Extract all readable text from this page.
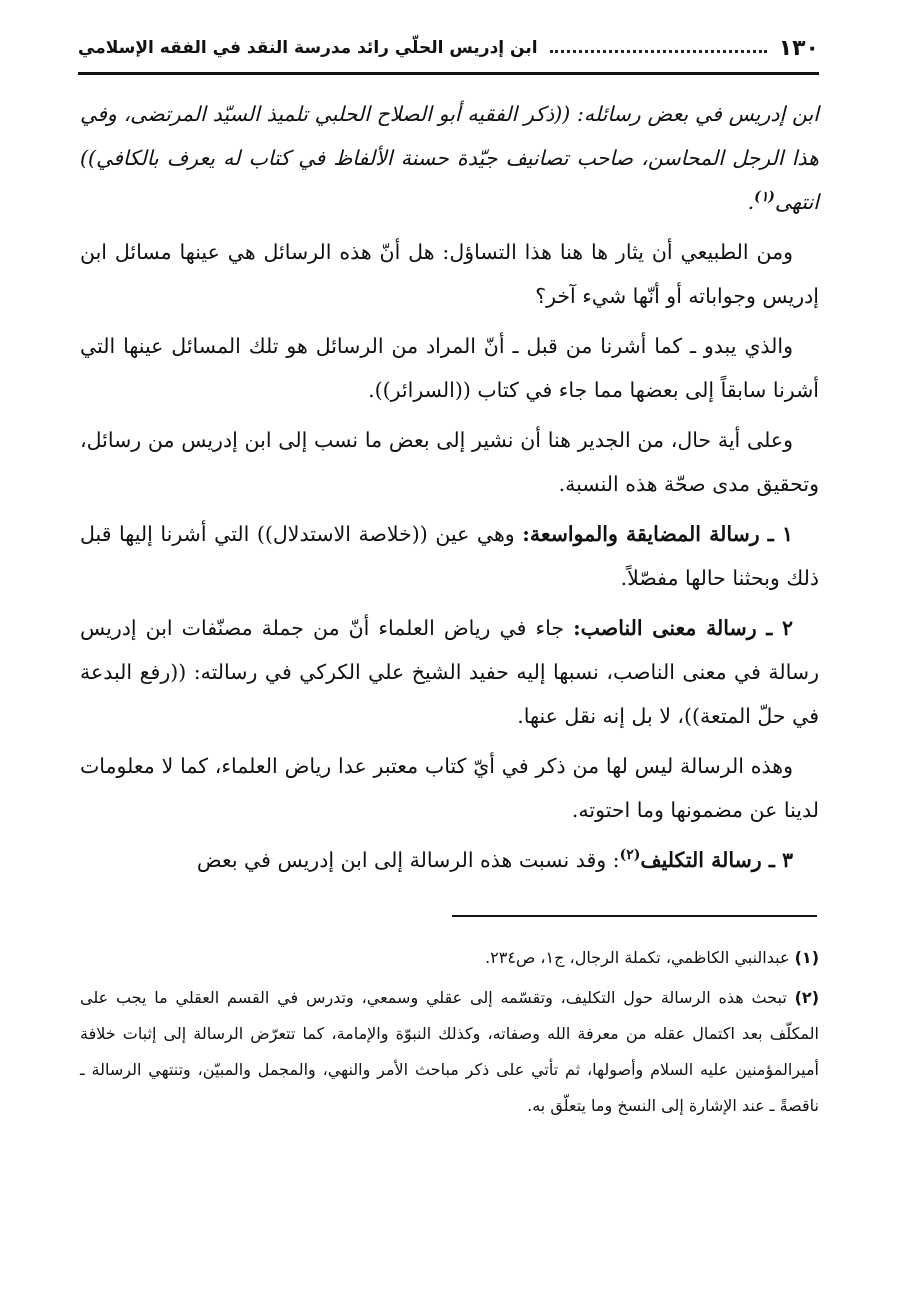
١٣٠
ابن إدريس الحلّي رائد مدرسة النقد في الفقه الإسلامي

ابن إدريس في بعض رسائله: ((ذكر الفقيه أبو الصلاح الحلبي تلميذ السيّد المرتضى، وفي هذا الرجل المحاسن، صاحب تصانيف جيّدة حسنة الألفاظ في كتاب له يعرف بالكافي)) انتهى$^{(١)}$.

ومن الطبيعي أن يثار ها هنا هذا التساؤل: هل أنّ هذه الرسائل هي عينها مسائل ابن إدريس وجواباته أو أنّها شيء آخر؟

والذي يبدو ـ كما أشرنا من قبل ـ أنّ المراد من الرسائل هو تلك المسائل عينها التي أشرنا سابقاً إلى بعضها مما جاء في كتاب ((السرائر)).

وعلى أية حال، من الجدير هنا أن نشير إلى بعض ما نسب إلى ابن إدريس من رسائل، وتحقيق مدى صحّة هذه النسبة.

١ ـ رسالة المضايقة والمواسعة: وهي عين ((خلاصة الاستدلال)) التي أشرنا إليها قبل ذلك وبحثنا حالها مفصّلاً.

٢ ـ رسالة معنى الناصب: جاء في رياض العلماء أنّ من جملة مصنّفات ابن إدريس رسالة في معنى الناصب، نسبها إليه حفيد الشيخ علي الكركي في رسالته: ((رفع البدعة في حلّ المتعة))، لا بل إنه نقل عنها.

وهذه الرسالة ليس لها من ذكر في أيّ كتاب معتبر عدا رياض العلماء، كما لا معلومات لدينا عن مضمونها وما احتوته.

٣ ـ رسالة التكليف$^{(٢)}$: وقد نسبت هذه الرسالة إلى ابن إدريس في بعض

(١) عبدالنبي الكاظمي، تكملة الرجال، ج١، ص٢٣٤.

(٢) تبحث هذه الرسالة حول التكليف، وتقسّمه إلى عقلي وسمعي، وتدرس في القسم العقلي ما يجب على المكلّف بعد اكتمال عقله من معرفة الله وصفاته، وكذلك النبوّة والإمامة، كما تتعرّض الرسالة إلى إثبات خلافة أميرالمؤمنين عليه السلام وأصولها، ثم تأتي على ذكر مباحث الأمر والنهي، والمجمل والمبيّن، وتنتهي الرسالة ـ ناقصةً ـ عند الإشارة إلى النسخ وما يتعلّق به.
